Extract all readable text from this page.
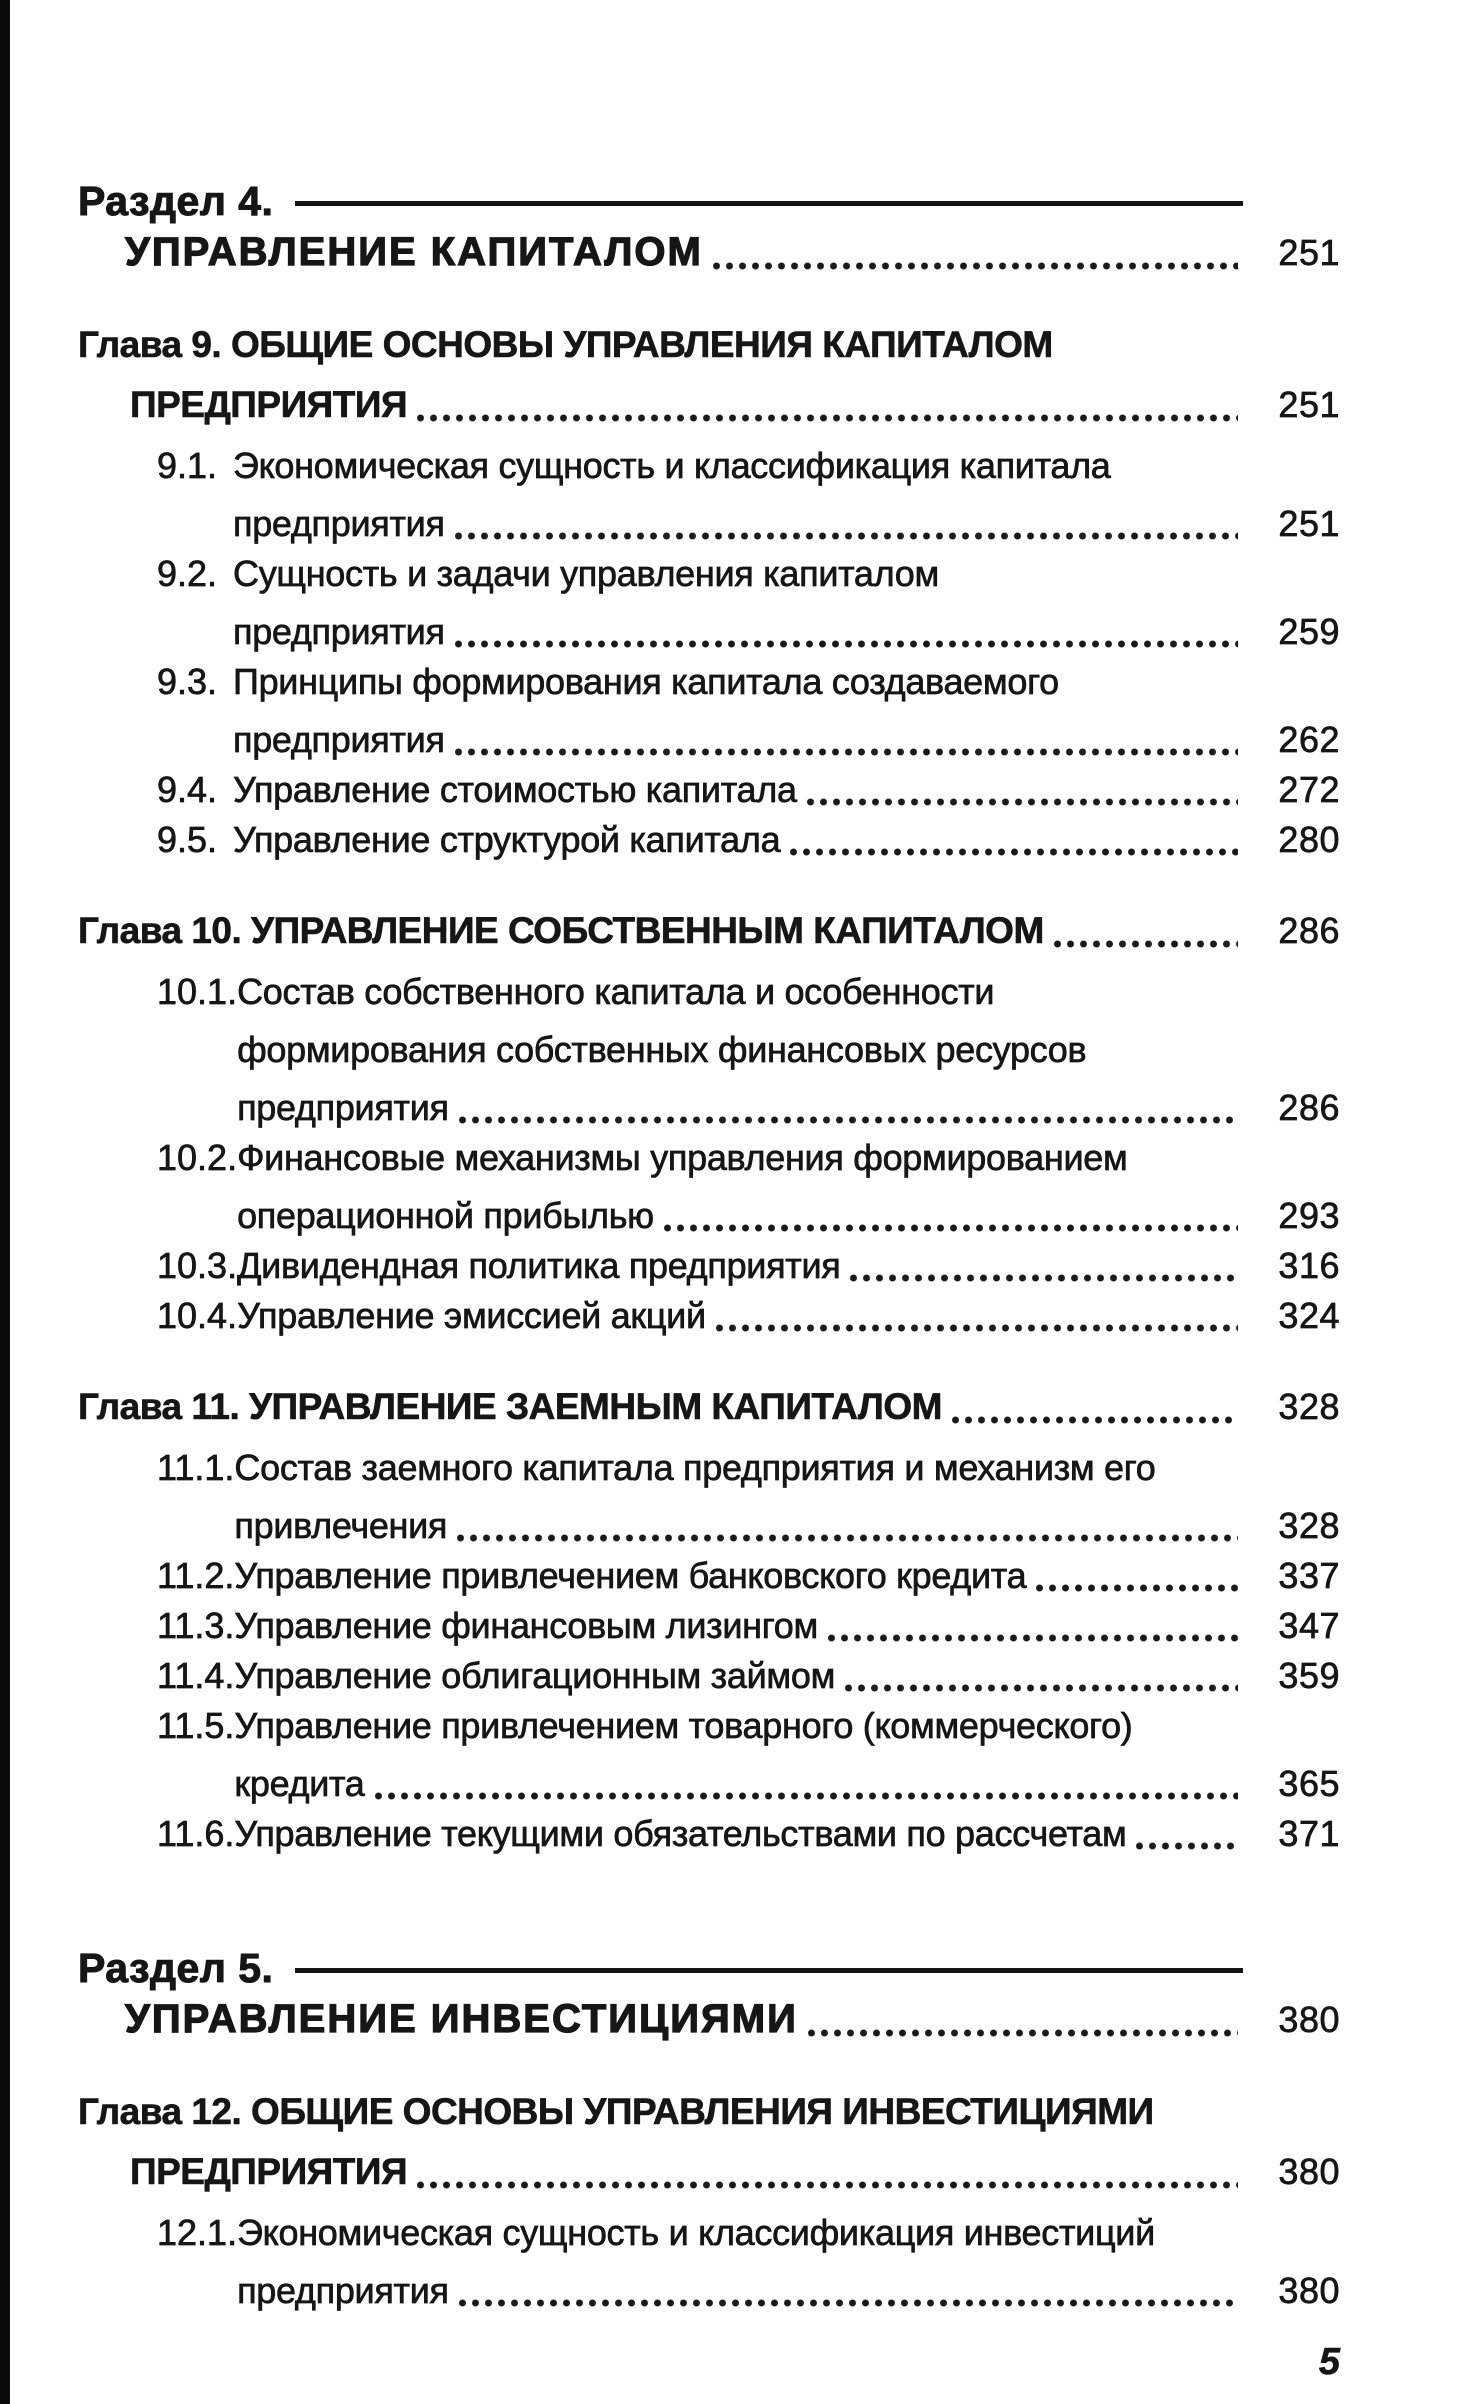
Раздел 4.
УПРАВЛЕНИЕ КАПИТАЛОМ	251
Глава 9. ОБЩИЕ ОСНОВЫ УПРАВЛЕНИЯ КАПИТАЛОМ
ПРЕДПРИЯТИЯ	251
9.1. Экономическая сущность и классификация капитала
предприятия	251
9.2. Сущность и задачи управления капиталом
предприятия	259
9.3. Принципы формирования капитала создаваемого
предприятия	262
9.4. Управление стоимостью капитала	272
9.5. Управление структурой капитала	280
Глава 10. УПРАВЛЕНИЕ СОБСТВЕННЫМ КАПИТАЛОМ	286
10.1. Состав собственного капитала и особенности
формирования собственных финансовых ресурсов
предприятия	286
10.2. Финансовые механизмы управления формированием
операционной прибылью	293
10.3. Дивидендная политика предприятия	316
10.4. Управление эмиссией акций	324
Глава 11. УПРАВЛЕНИЕ ЗАЕМНЫМ КАПИТАЛОМ	328
11.1. Состав заемного капитала предприятия и механизм его
привлечения	328
11.2. Управление привлечением банковского кредита	337
11.3. Управление финансовым лизингом	347
11.4. Управление облигационным займом	359
11.5. Управление привлечением товарного (коммерческого)
кредита	365
11.6. Управление текущими обязательствами по рассчетам	371
Раздел 5.
УПРАВЛЕНИЕ ИНВЕСТИЦИЯМИ	380
Глава 12. ОБЩИЕ ОСНОВЫ УПРАВЛЕНИЯ ИНВЕСТИЦИЯМИ
ПРЕДПРИЯТИЯ	380
12.1. Экономическая сущность и классификация инвестиций
предприятия	380
5
